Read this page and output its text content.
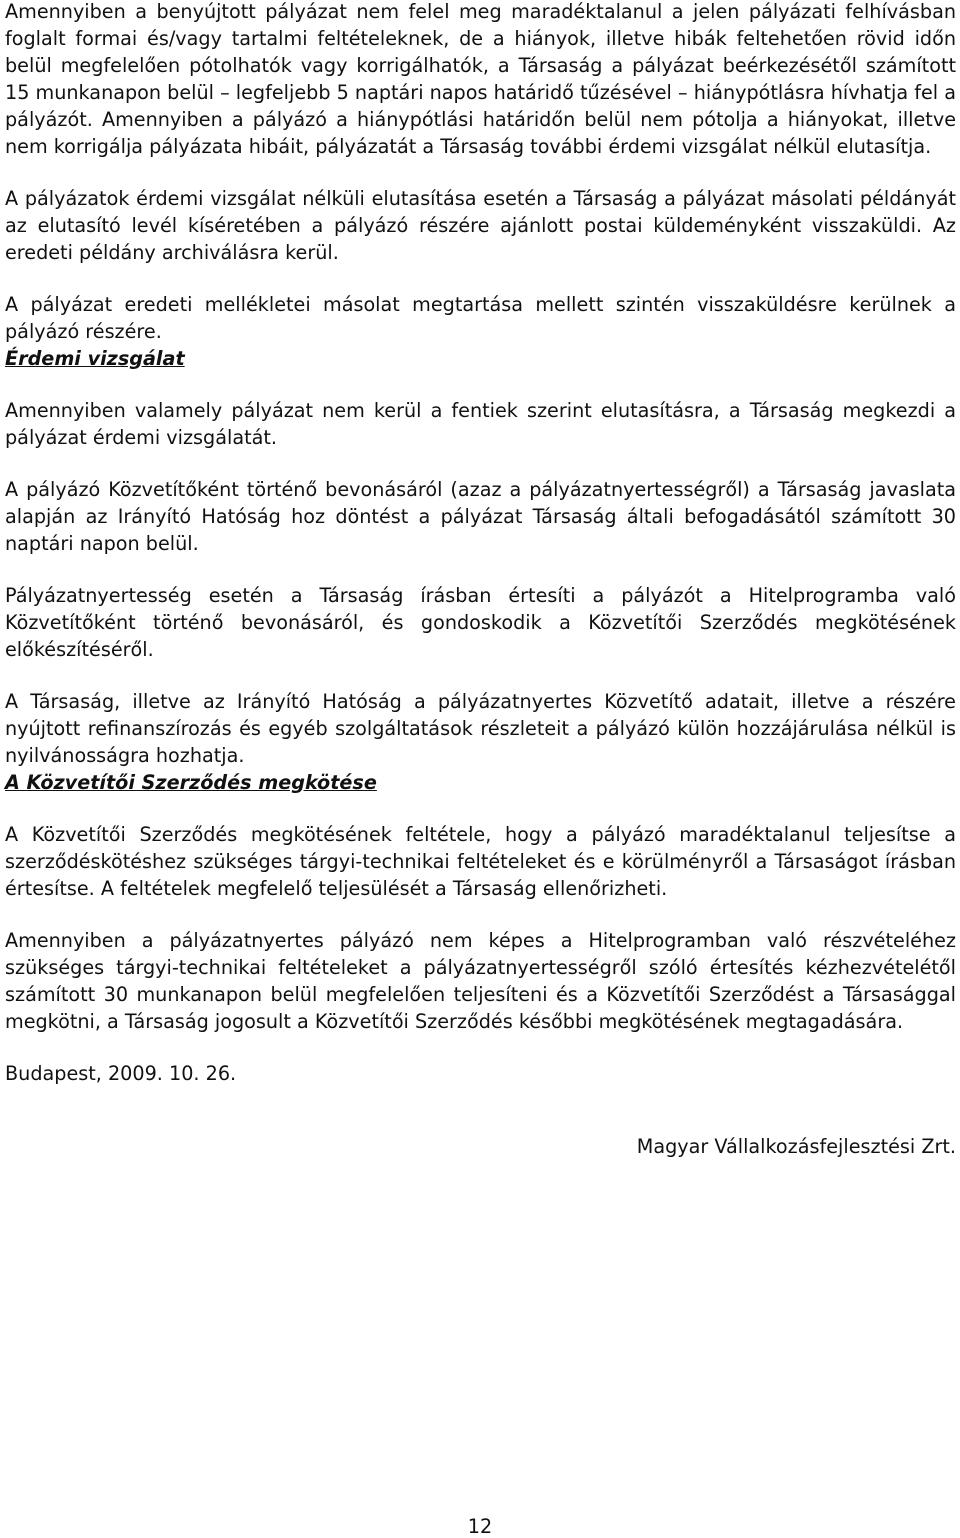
Amennyiben a benyújtott pályázat nem felel meg maradéktalanul a jelen pályázati felhívásban foglalt formai és/vagy tartalmi feltételeknek, de a hiányok, illetve hibák feltehetően rövid időn belül megfelelően pótolhatók vagy korrigálhatók, a Társaság a pályázat beérkezésétől számított 15 munkanapon belül – legfeljebb 5 naptári napos határidő tűzésével – hiánypótlásra hívhatja fel a pályázót. Amennyiben a pályázó a hiánypótlási határidőn belül nem pótolja a hiányokat, illetve nem korrigálja pályázata hibáit, pályázatát a Társaság további érdemi vizsgálat nélkül elutasítja.

A pályázatok érdemi vizsgálat nélküli elutasítása esetén a Társaság a pályázat másolati példányát az elutasító levél kíséretében a pályázó részére ajánlott postai küldeményként visszaküldi. Az eredeti példány archiválásra kerül.

A pályázat eredeti mellékletei másolat megtartása mellett szintén visszaküldésre kerülnek a pályázó részére.

Érdemi vizsgálat

Amennyiben valamely pályázat nem kerül a fentiek szerint elutasításra, a Társaság megkezdi a pályázat érdemi vizsgálatát.

A pályázó Közvetítőként történő bevonásáról (azaz a pályázatnyertességről) a Társaság javaslata alapján az Irányító Hatóság hoz döntést a pályázat Társaság általi befogadásától számított 30 naptári napon belül.

Pályázatnyertesség esetén a Társaság írásban értesíti a pályázót a Hitelprogramba való Közvetítőként történő bevonásáról, és gondoskodik a Közvetítői Szerződés megkötésének előkészítéséről.

A Társaság, illetve az Irányító Hatóság a pályázatnyertes Közvetítő adatait, illetve a részére nyújtott refinanszírozás és egyéb szolgáltatások részleteit a pályázó külön hozzájárulása nélkül is nyilvánosságra hozhatja.

A Közvetítői Szerződés megkötése

A Közvetítői Szerződés megkötésének feltétele, hogy a pályázó maradéktalanul teljesítse a szerződéskötéshez szükséges tárgyi-technikai feltételeket és e körülményről a Társaságot írásban értesítse. A feltételek megfelelő teljesülését a Társaság ellenőrizheti.

Amennyiben a pályázatnyertes pályázó nem képes a Hitelprogramban való részvételéhez szükséges tárgyi-technikai feltételeket a pályázatnyertességről szóló értesítés kézhezvételétől számított 30 munkanapon belül megfelelően teljesíteni és a Közvetítői Szerződést a Társasággal megkötni, a Társaság jogosult a Közvetítői Szerződés későbbi megkötésének megtagadására.

Budapest, 2009. 10. 26.

Magyar Vállalkozásfejlesztési Zrt.

12
